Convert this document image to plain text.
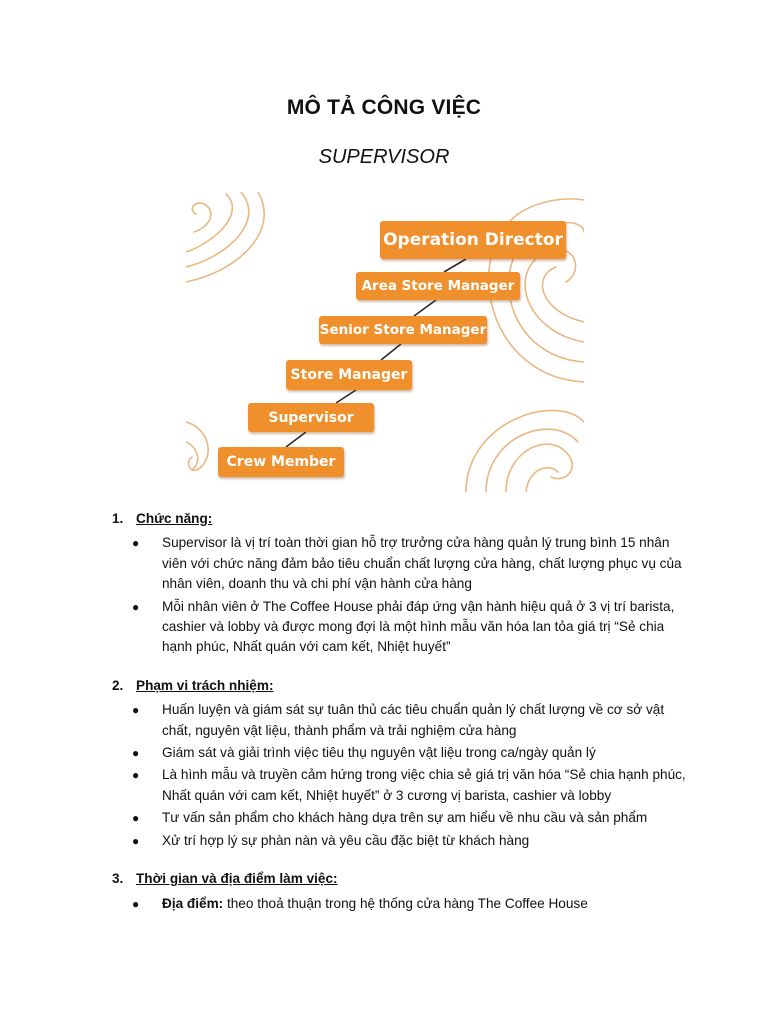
MÔ TẢ CÔNG VIỆC
SUPERVISOR
Operation Director
Area Store Manager
Senior Store Manager
Store Manager
Supervisor
Crew Member
1. Chức năng:
● Supervisor là vị trí toàn thời gian hỗ trợ trưởng cửa hàng quản lý trung bình 15 nhân viên với chức năng đảm bảo tiêu chuẩn chất lượng cửa hàng, chất lượng phục vụ của nhân viên, doanh thu và chi phí vận hành cửa hàng
● Mỗi nhân viên ở The Coffee House phải đáp ứng vận hành hiệu quả ở 3 vị trí barista, cashier và lobby và được mong đợi là một hình mẫu văn hóa lan tỏa giá trị “Sẻ chia hạnh phúc, Nhất quán với cam kết, Nhiệt huyết”
2. Phạm vi trách nhiệm:
● Huấn luyện và giám sát sự tuân thủ các tiêu chuẩn quản lý chất lượng về cơ sở vật chất, nguyên vật liệu, thành phẩm và trải nghiệm cửa hàng
● Giám sát và giải trình việc tiêu thụ nguyên vật liệu trong ca/ngày quản lý
● Là hình mẫu và truyền cảm hứng trong việc chia sẻ giá trị văn hóa “Sẻ chia hạnh phúc, Nhất quán với cam kết, Nhiệt huyết” ở 3 cương vị barista, cashier và lobby
● Tư vấn sản phẩm cho khách hàng dựa trên sự am hiểu về nhu cầu và sản phẩm
● Xử trí hợp lý sự phàn nàn và yêu cầu đặc biệt từ khách hàng
3. Thời gian và địa điểm làm việc:
● Địa điểm: theo thoả thuận trong hệ thống cửa hàng The Coffee House
